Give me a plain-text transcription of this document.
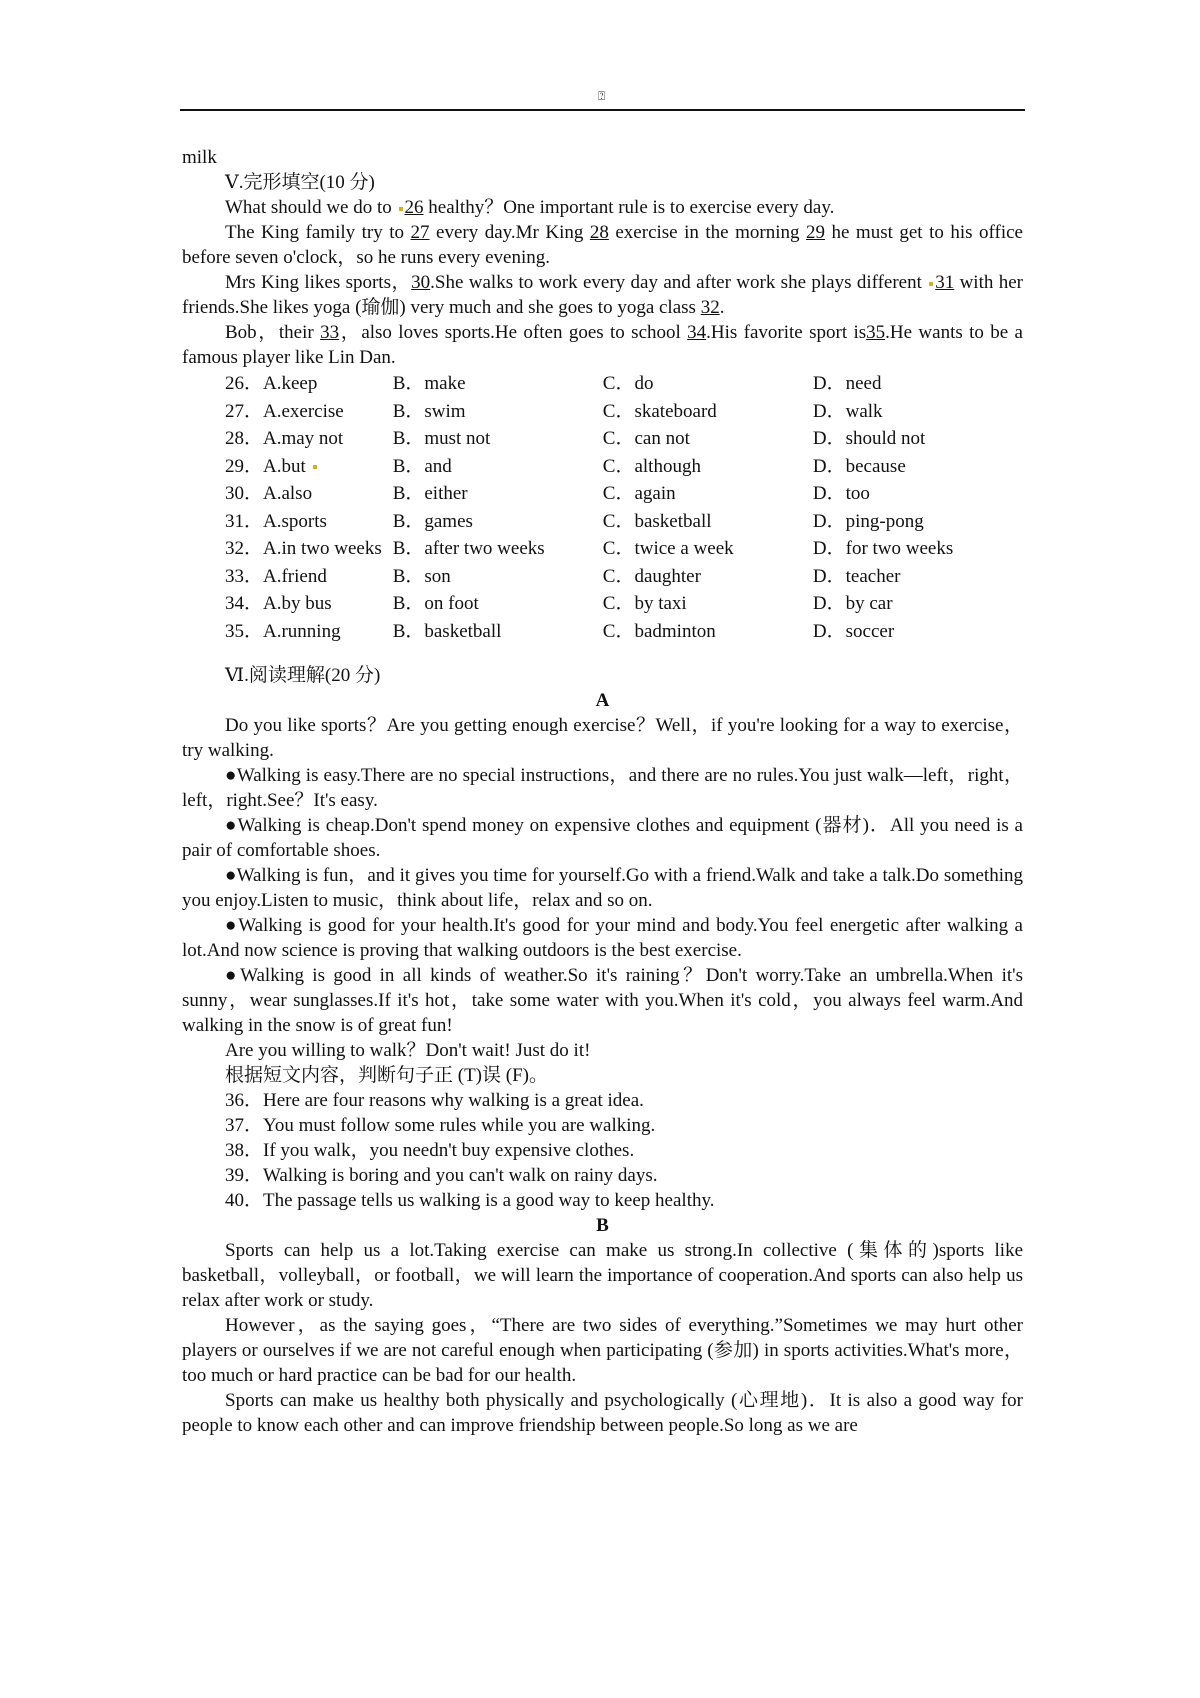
⍰

milk

Ⅴ.完形填空(10 分)

What should we do to 26 healthy？One important rule is to exercise every day.

The King family try to 27 every day.Mr King 28 exercise in the morning 29 he must get to his office before seven o'clock，so he runs every evening.

Mrs King likes sports，30.She walks to work every day and after work she plays different 31 with her friends.She likes yoga (瑜伽) very much and she goes to yoga class 32.

Bob，their 33，also loves sports.He often goes to school 34.His favorite sport is35.He wants to be a famous player like Lin Dan.

26．A.keep	B．make	C．do	D．need
27．A.exercise	B．swim	C．skateboard	D．walk
28．A.may not	B．must not	C．can not	D．should not
29．A.but	B．and	C．although	D．because
30．A.also	B．either	C．again	D．too
31．A.sports	B．games	C．basketball	D．ping-pong
32．A.in two weeks B．after two weeks	C．twice a week	D．for two weeks
33．A.friend	B．son	C．daughter	D．teacher
34．A.by bus	B．on foot	C．by taxi	D．by car
35．A.running	B．basketball	C．badminton	D．soccer

Ⅵ.阅读理解(20 分)

A

Do you like sports？Are you getting enough exercise？Well，if you're looking for a way to exercise，try walking.

●Walking is easy.There are no special instructions，and there are no rules.You just walk—left，right，left，right.See？It's easy.

●Walking is cheap.Don't spend money on expensive clothes and equipment (器材)．All you need is a pair of comfortable shoes.

●Walking is fun，and it gives you time for yourself.Go with a friend.Walk and take a talk.Do something you enjoy.Listen to music，think about life，relax and so on.

●Walking is good for your health.It's good for your mind and body.You feel energetic after walking a lot.And now science is proving that walking outdoors is the best exercise.

●Walking is good in all kinds of weather.So it's raining？Don't worry.Take an umbrella.When it's sunny，wear sunglasses.If it's hot，take some water with you.When it's cold，you always feel warm.And walking in the snow is of great fun!

Are you willing to walk？Don't wait! Just do it!

根据短文内容，判断句子正 (T)误 (F)。

36．Here are four reasons why walking is a great idea.

37．You must follow some rules while you are walking.

38．If you walk，you needn't buy expensive clothes.

39．Walking is boring and you can't walk on rainy days.

40．The passage tells us walking is a good way to keep healthy.

B

Sports can help us a lot.Taking exercise can make us strong.In collective (集体的)sports like basketball，volleyball，or football，we will learn the importance of cooperation.And sports can also help us relax after work or study.

However，as the saying goes，“There are two sides of everything.”Sometimes we may hurt other players or ourselves if we are not careful enough when participating (参加) in sports activities.What's more，too much or hard practice can be bad for our health.

Sports can make us healthy both physically and psychologically (心理地)．It is also a good way for people to know each other and can improve friendship between people.So long as we are
